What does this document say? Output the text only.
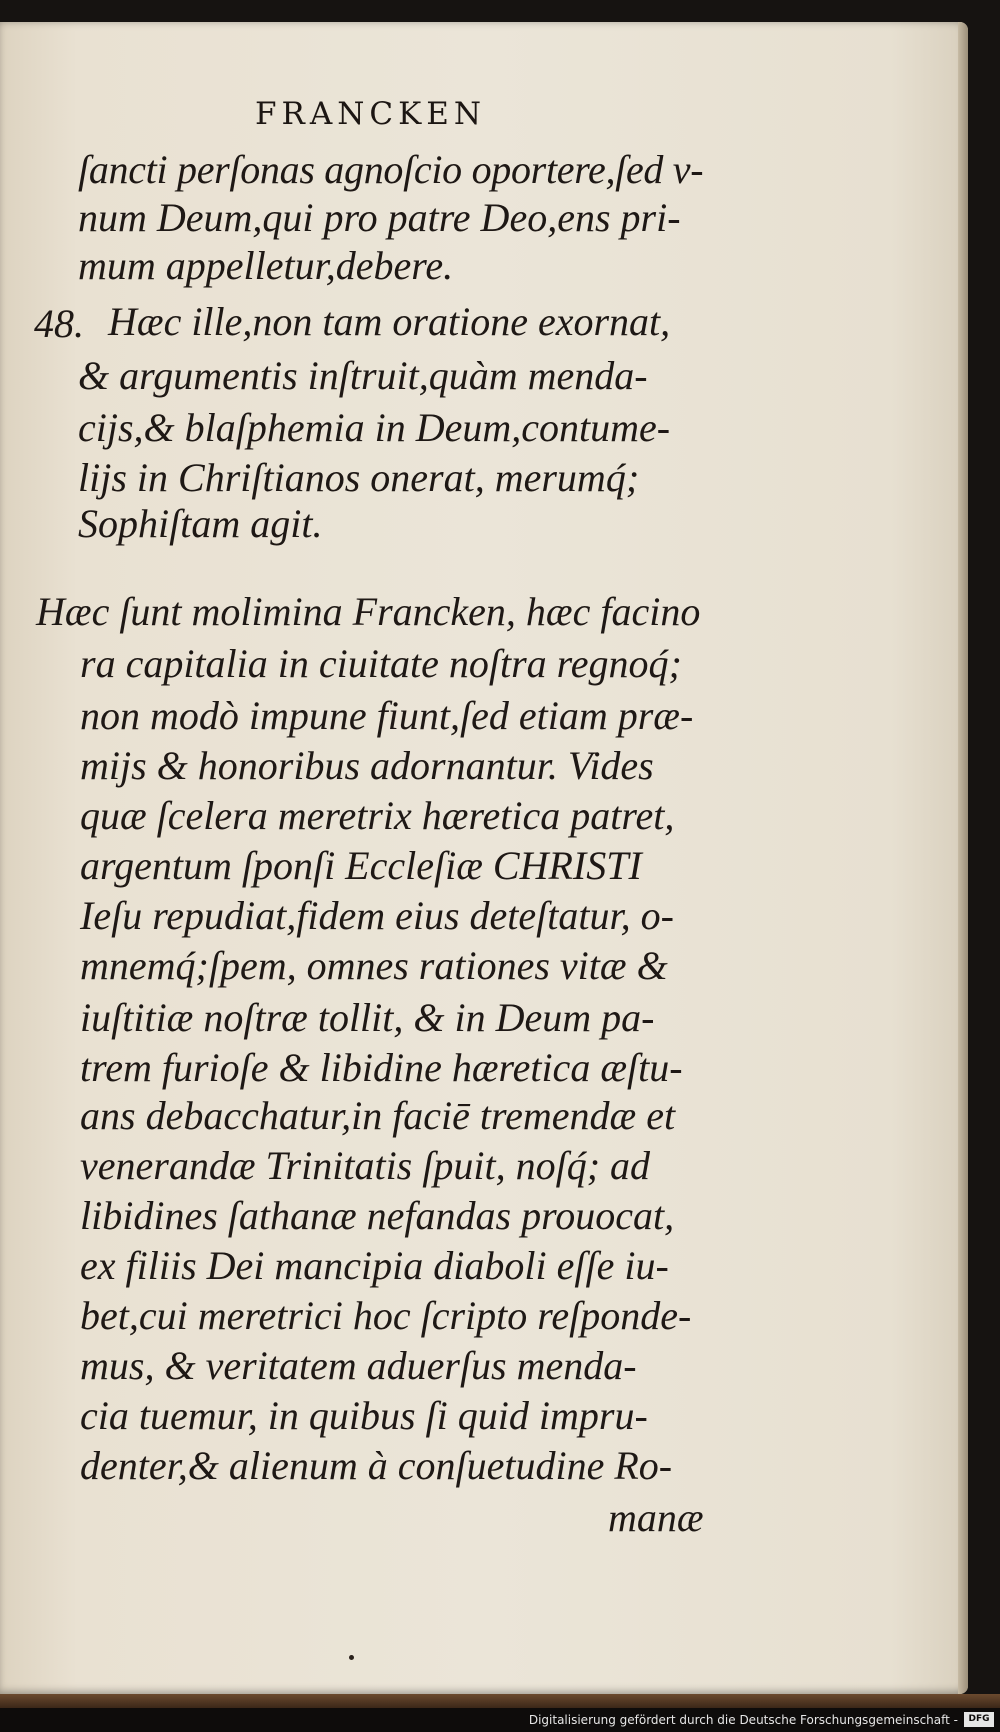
FRANCKEN
48.
ſancti perſonas agnoſcio oportere,ſed v-
num Deum,qui pro patre Deo,ens pri-
mum appelletur,debere.
Hæc ille,non tam oratione exornat,
& argumentis inſtruit,quàm menda-
cijs,& blaſphemia in Deum,contume-
lijs in Chriſtianos onerat, merumq́;
Sophiſtam agit.
Hæc ſunt molimina Francken, hæc facino
ra capitalia in ciuitate noſtra regnoq́;
non modò impune fiunt,ſed etiam præ-
mijs & honoribus adornantur. Vides
quæ ſcelera meretrix hæretica patret,
argentum ſponſi Eccleſiæ CHRISTI
Ieſu repudiat,fidem eius deteſtatur, o-
mnemq́;ſpem, omnes rationes vitæ &
iuſtitiæ noſtræ tollit, & in Deum pa-
trem furioſe & libidine hæretica æſtu-
ans debacchatur,in faciē tremendæ et
venerandæ Trinitatis ſpuit, noſq́; ad
libidines ſathanæ nefandas prouocat,
ex filiis Dei mancipia diaboli eſſe iu-
bet,cui meretrici hoc ſcripto reſponde-
mus, & veritatem aduerſus menda-
cia tuemur, in quibus ſi quid impru-
denter,& alienum à conſuetudine Ro-
manæ
Digitalisierung gefördert durch die Deutsche Forschungsgemeinschaft -	DFG
